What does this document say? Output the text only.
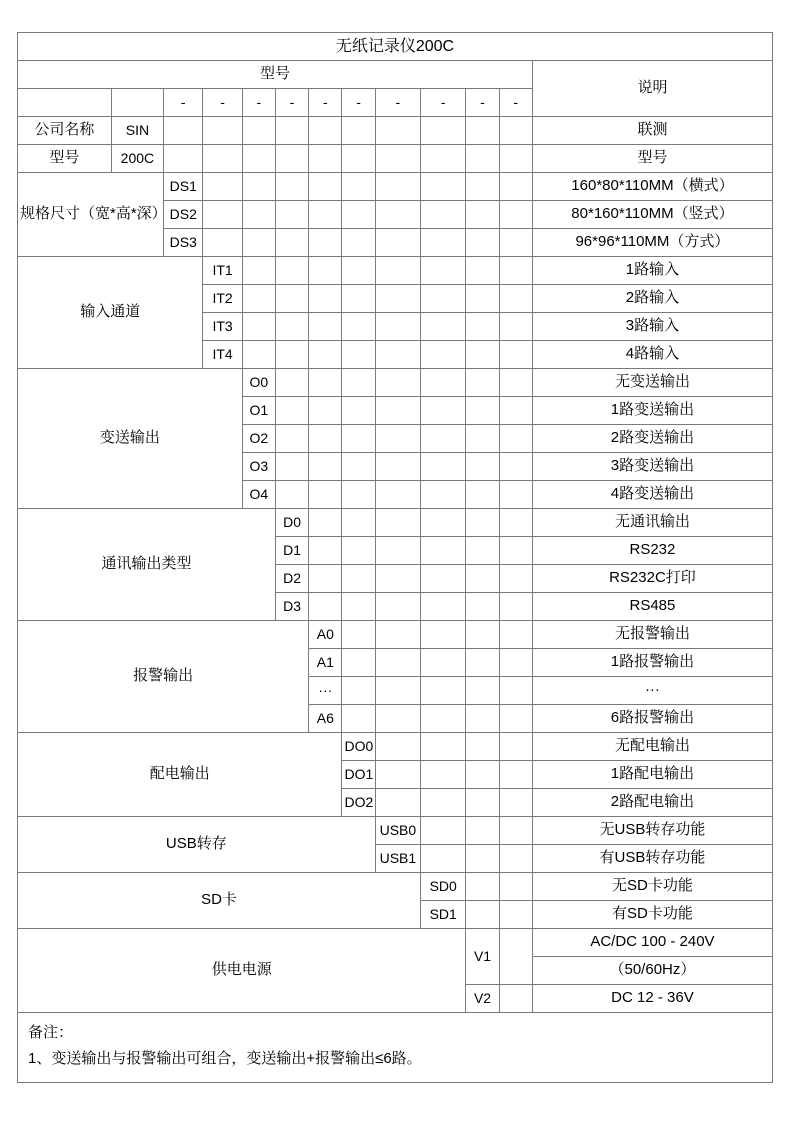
无纸记录仪200C												
型号												说明
		-	-	-	-	-	-	-	-	-	-	
公司名称	SIN											联测
型号	200C											型号
规格尺寸（宽*高*深）		DS1										160*80*110MM（横式）
		DS2										80*160*110MM（竖式）
		DS3										96*96*110MM（方式）
输入通道			IT1									1路输入
			IT2									2路输入
			IT3									3路输入
			IT4									4路输入
变送输出				O0								无变送输出
				O1								1路变送输出
				O2								2路变送输出
				O3								3路变送输出
				O4								4路变送输出
通讯输出类型					D0							无通讯输出
					D1							RS232
					D2							RS232C打印
					D3							RS485
报警输出						A0						无报警输出
						A1						1路报警输出
						···						···
						A6						6路报警输出
配电输出							DO0					无配电输出
							DO1					1路配电输出
							DO2					2路配电输出
USB转存								USB0				无USB转存功能
								USB1				有USB转存功能
SD卡									SD0			无SD卡功能
									SD1			有SD卡功能
供电电源										V1		AC/DC 100 - 240V
												（50/60Hz）
										V2		DC 12 - 36V
备注：
1、变送输出与报警输出可组合，变送输出+报警输出≤6路。
